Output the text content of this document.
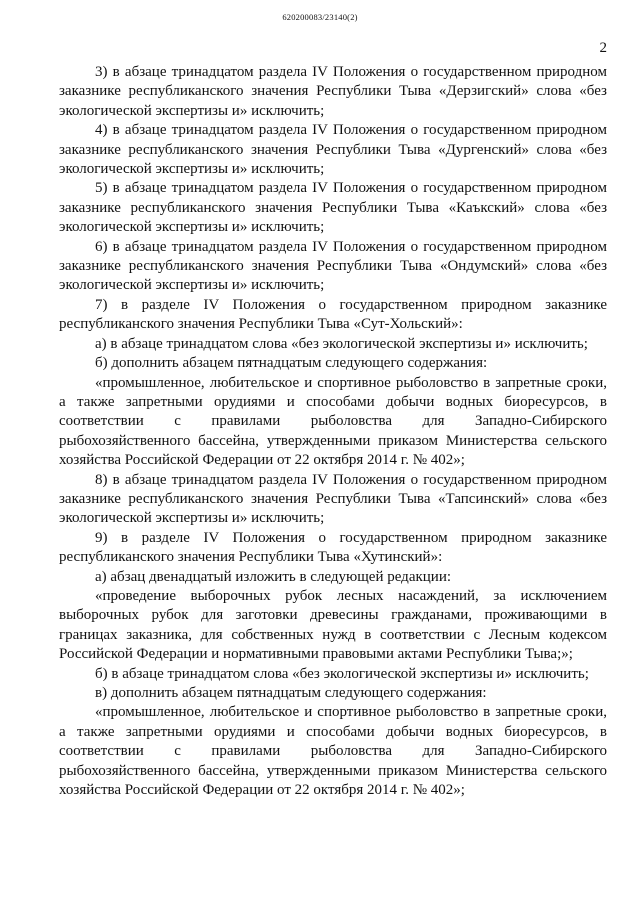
620200083/23140(2)
2

3) в абзаце тринадцатом раздела IV Положения о государственном природном заказнике республиканского значения Республики Тыва «Дерзигский» слова «без экологической экспертизы и» исключить;

4) в абзаце тринадцатом раздела IV Положения о государственном природном заказнике республиканского значения Республики Тыва «Дургенский» слова «без экологической экспертизы и» исключить;

5) в абзаце тринадцатом раздела IV Положения о государственном природном заказнике республиканского значения Республики Тыва «Каъкский» слова «без экологической экспертизы и» исключить;

6) в абзаце тринадцатом раздела IV Положения о государственном природном заказнике республиканского значения Республики Тыва «Ондумский» слова «без экологической экспертизы и» исключить;

7) в разделе IV Положения о государственном природном заказнике республиканского значения Республики Тыва «Сут-Хольский»:

а) в абзаце тринадцатом слова «без экологической экспертизы и» исключить;

б) дополнить абзацем пятнадцатым следующего содержания:

«промышленное, любительское и спортивное рыболовство в запретные сроки, а также запретными орудиями и способами добычи водных биоресурсов, в соответствии с правилами рыболовства для Западно-Сибирского рыбохозяйственного бассейна, утвержденными приказом Министерства сельского хозяйства Российской Федерации от 22 октября 2014 г. № 402»;

8) в абзаце тринадцатом раздела IV Положения о государственном природном заказнике республиканского значения Республики Тыва «Тапсинский» слова «без экологической экспертизы и» исключить;

9) в разделе IV Положения о государственном природном заказнике республиканского значения Республики Тыва «Хутинский»:

а) абзац двенадцатый изложить в следующей редакции:

«проведение выборочных рубок лесных насаждений, за исключением выборочных рубок для заготовки древесины гражданами, проживающими в границах заказника, для собственных нужд в соответствии с Лесным кодексом Российской Федерации и нормативными правовыми актами Республики Тыва;»;

б) в абзаце тринадцатом слова «без экологической экспертизы и» исключить;

в) дополнить абзацем пятнадцатым следующего содержания:

«промышленное, любительское и спортивное рыболовство в запретные сроки, а также запретными орудиями и способами добычи водных биоресурсов, в соответствии с правилами рыболовства для Западно-Сибирского рыбохозяйственного бассейна, утвержденными приказом Министерства сельского хозяйства Российской Федерации от 22 октября 2014 г. № 402»;
